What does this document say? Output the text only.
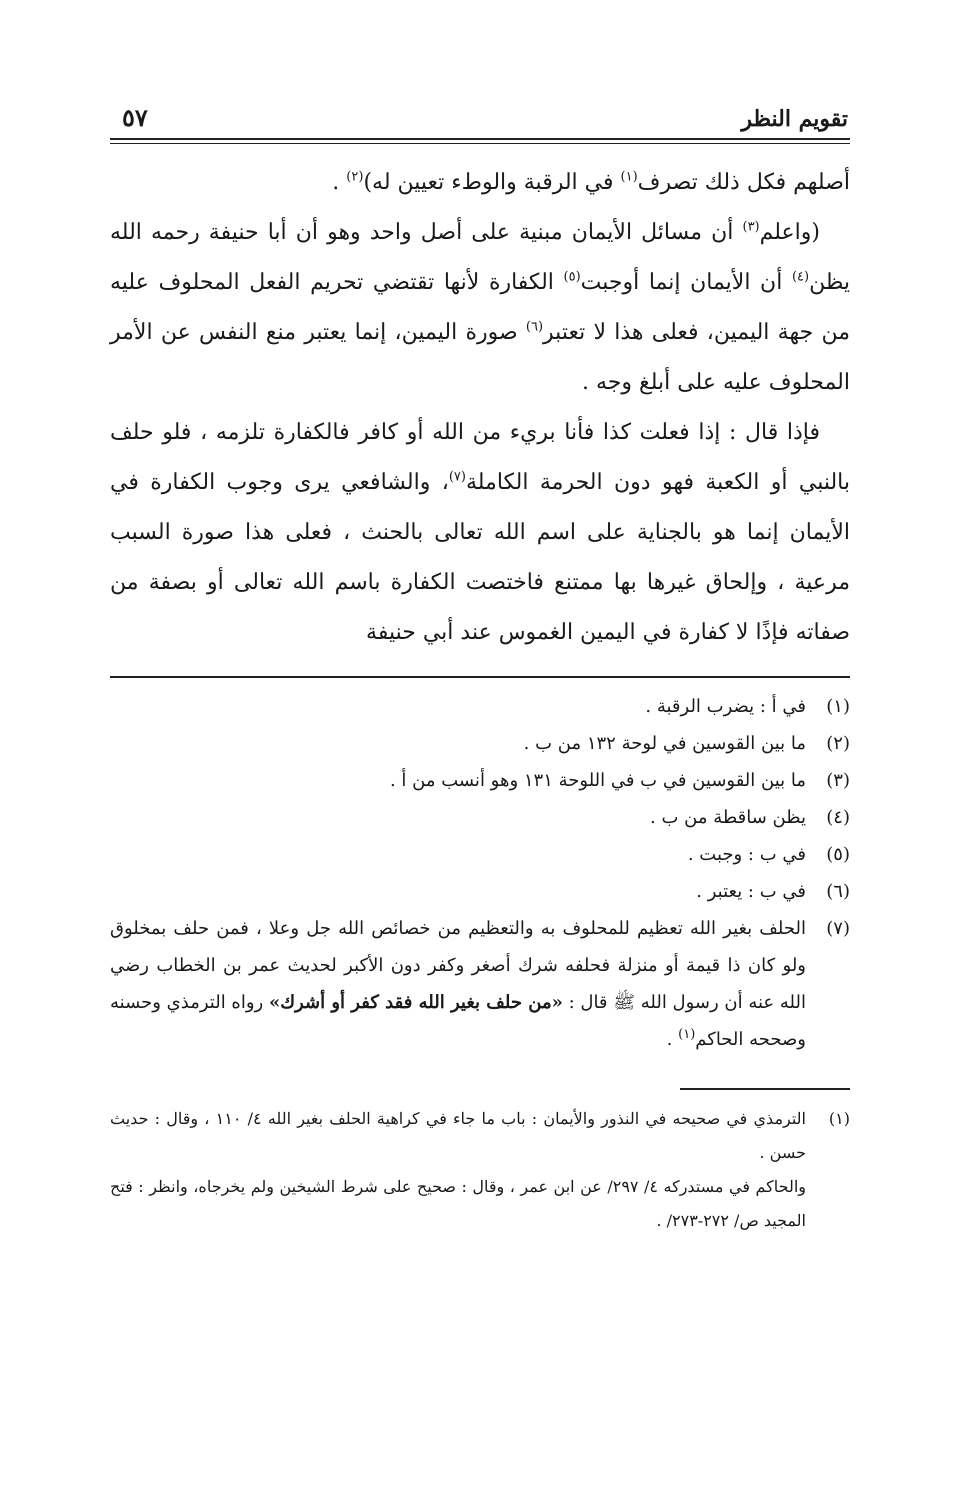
تقويم النظر
٥٧

أصلهم فكل ذلك تصرف$^{(١)}$ في الرقبة والوطء تعيين له)$^{(٢)}$ .

(واعلم$^{(٣)}$ أن مسائل الأيمان مبنية على أصل واحد وهو أن أبا حنيفة رحمه الله يظن$^{(٤)}$ أن الأيمان إنما أوجبت$^{(٥)}$ الكفارة لأنها تقتضي تحريم الفعل المحلوف عليه من جهة اليمين، فعلى هذا لا تعتبر$^{(٦)}$ صورة اليمين، إنما يعتبر منع النفس عن الأمر المحلوف عليه على أبلغ وجه .

فإذا قال : إذا فعلت كذا فأنا بريء من الله أو كافر فالكفارة تلزمه ، فلو حلف بالنبي أو الكعبة فهو دون الحرمة الكاملة$^{(٧)}$، والشافعي يرى وجوب الكفارة في الأيمان إنما هو بالجناية على اسم الله تعالى بالحنث ، فعلى هذا صورة السبب مرعية ، وإلحاق غيرها بها ممتنع فاختصت الكفارة باسم الله تعالى أو بصفة من صفاته فإذًا لا كفارة في اليمين الغموس عند أبي حنيفة

(١)
في أ : يضرب الرقبة .
(٢)
ما بين القوسين في لوحة ١٣٢ من ب .
(٣)
ما بين القوسين في ب في اللوحة ١٣١ وهو أنسب من أ .
(٤)
يظن ساقطة من ب .
(٥)
في ب : وجبت .
(٦)
في ب : يعتبر .
(٧)
الحلف بغير الله تعظيم للمحلوف به والتعظيم من خصائص الله جل وعلا ، فمن حلف بمخلوق ولو كان ذا قيمة أو منزلة فحلفه شرك أصغر وكفر دون الأكبر لحديث عمر بن الخطاب رضي الله عنه أن رسول الله ﷺ قال : «من حلف بغير الله فقد كفر أو أشرك» رواه الترمذي وحسنه وصححه الحاكم$^{(١)}$ .
(١)
الترمذي في صحيحه في النذور والأيمان : باب ما جاء في كراهية الحلف بغير الله ٤/ ١١٠ ، وقال : حديث حسن .
والحاكم في مستدركه ٤/ ٢٩٧/ عن ابن عمر ، وقال : صحيح على شرط الشيخين ولم يخرجاه، وانظر : فتح المجيد ص/ ٢٧٢-٢٧٣/ .
